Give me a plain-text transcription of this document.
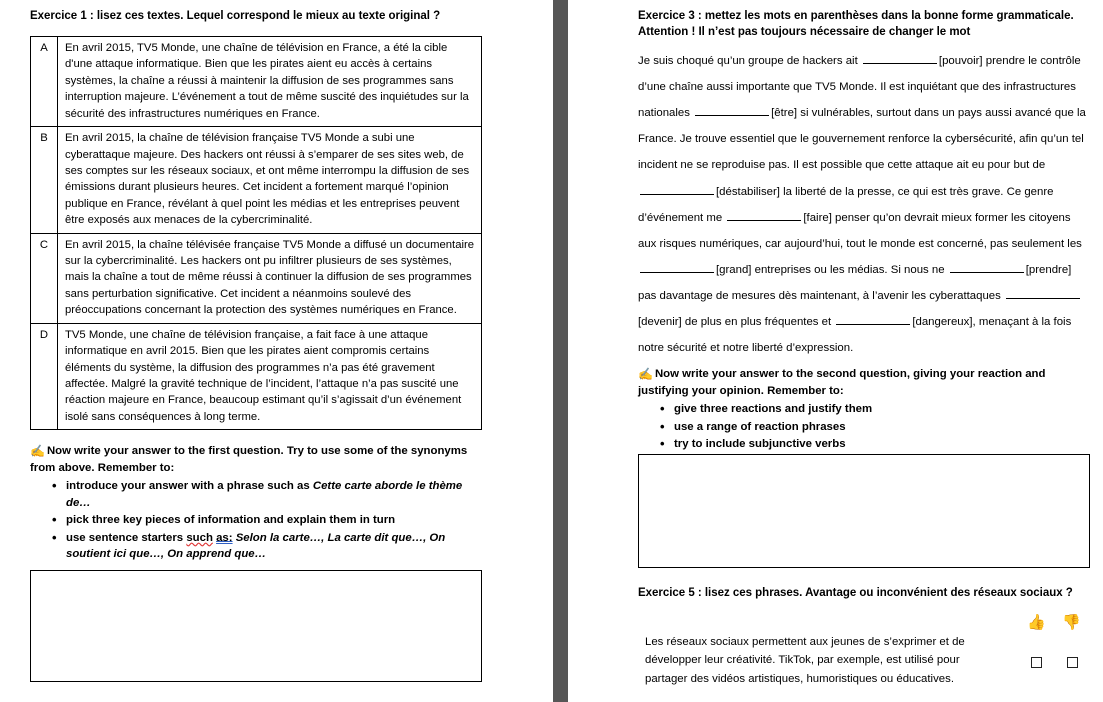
Exercice 1 : lisez ces textes. Lequel correspond le mieux au texte original ?
A	En avril 2015, TV5 Monde, une chaîne de télévision en France, a été la cible d'une attaque informatique. Bien que les pirates aient eu accès à certains systèmes, la chaîne a réussi à maintenir la diffusion de ses programmes sans interruption majeure. L’événement a tout de même suscité des inquiétudes sur la sécurité des infrastructures numériques en France.
B	En avril 2015, la chaîne de télévision française TV5 Monde a subi une cyberattaque majeure. Des hackers ont réussi à s’emparer de ses sites web, de ses comptes sur les réseaux sociaux, et ont même interrompu la diffusion de ses émissions durant plusieurs heures. Cet incident a fortement marqué l’opinion publique en France, révélant à quel point les médias et les entreprises peuvent être exposés aux menaces de la cybercriminalité.
C	En avril 2015, la chaîne télévisée française TV5 Monde a diffusé un documentaire sur la cybercriminalité. Les hackers ont pu infiltrer plusieurs de ses systèmes, mais la chaîne a tout de même réussi à continuer la diffusion de ses programmes sans perturbation significative. Cet incident a néanmoins soulevé des préoccupations concernant la protection des systèmes numériques en France.
D	TV5 Monde, une chaîne de télévision française, a fait face à une attaque informatique en avril 2015. Bien que les pirates aient compromis certains éléments du système, la diffusion des programmes n’a pas été gravement affectée. Malgré la gravité technique de l’incident, l’attaque n’a pas suscité une réaction majeure en France, beaucoup estimant qu’il s’agissait d’un événement isolé sans conséquences à long terme.
✍ Now write your answer to the first question. Try to use some of the synonyms from above. Remember to:
• introduce your answer with a phrase such as Cette carte aborde le thème de…
• pick three key pieces of information and explain them in turn
• use sentence starters such as: Selon la carte…, La carte dit que…, On soutient ici que…, On apprend que…
Exercice 3 : mettez les mots en parenthèses dans la bonne forme grammaticale. Attention ! Il n’est pas toujours nécessaire de changer le mot
Je suis choqué qu’un groupe de hackers ait	[pouvoir] prendre le contrôle d’une chaîne aussi importante que TV5 Monde. Il est inquiétant que des infrastructures nationales	[être] si vulnérables, surtout dans un pays aussi avancé que la France. Je trouve essentiel que le gouvernement renforce la cybersécurité, afin qu’un tel incident ne se reproduise pas. Il est possible que cette attaque ait eu pour but de [déstabiliser] la liberté de la presse, ce qui est très grave. Ce genre d’événement me	[faire] penser qu’on devrait mieux former les citoyens aux risques numériques, car aujourd’hui, tout le monde est concerné, pas seulement les [grand] entreprises ou les médias. Si nous ne	[prendre] pas davantage de mesures dès maintenant, à l’avenir les cyberattaques [devenir] de plus en plus fréquentes et	[dangereux], menaçant à la fois notre sécurité et notre liberté d’expression.
✍ Now write your answer to the second question, giving your reaction and justifying your opinion. Remember to:
• give three reactions and justify them
• use a range of reaction phrases
• try to include subjunctive verbs
Exercice 5 : lisez ces phrases. Avantage ou inconvénient des réseaux sociaux ?
👍 👎
Les réseaux sociaux permettent aux jeunes de s’exprimer et de développer leur créativité. TikTok, par exemple, est utilisé pour partager des vidéos artistiques, humoristiques ou éducatives.
